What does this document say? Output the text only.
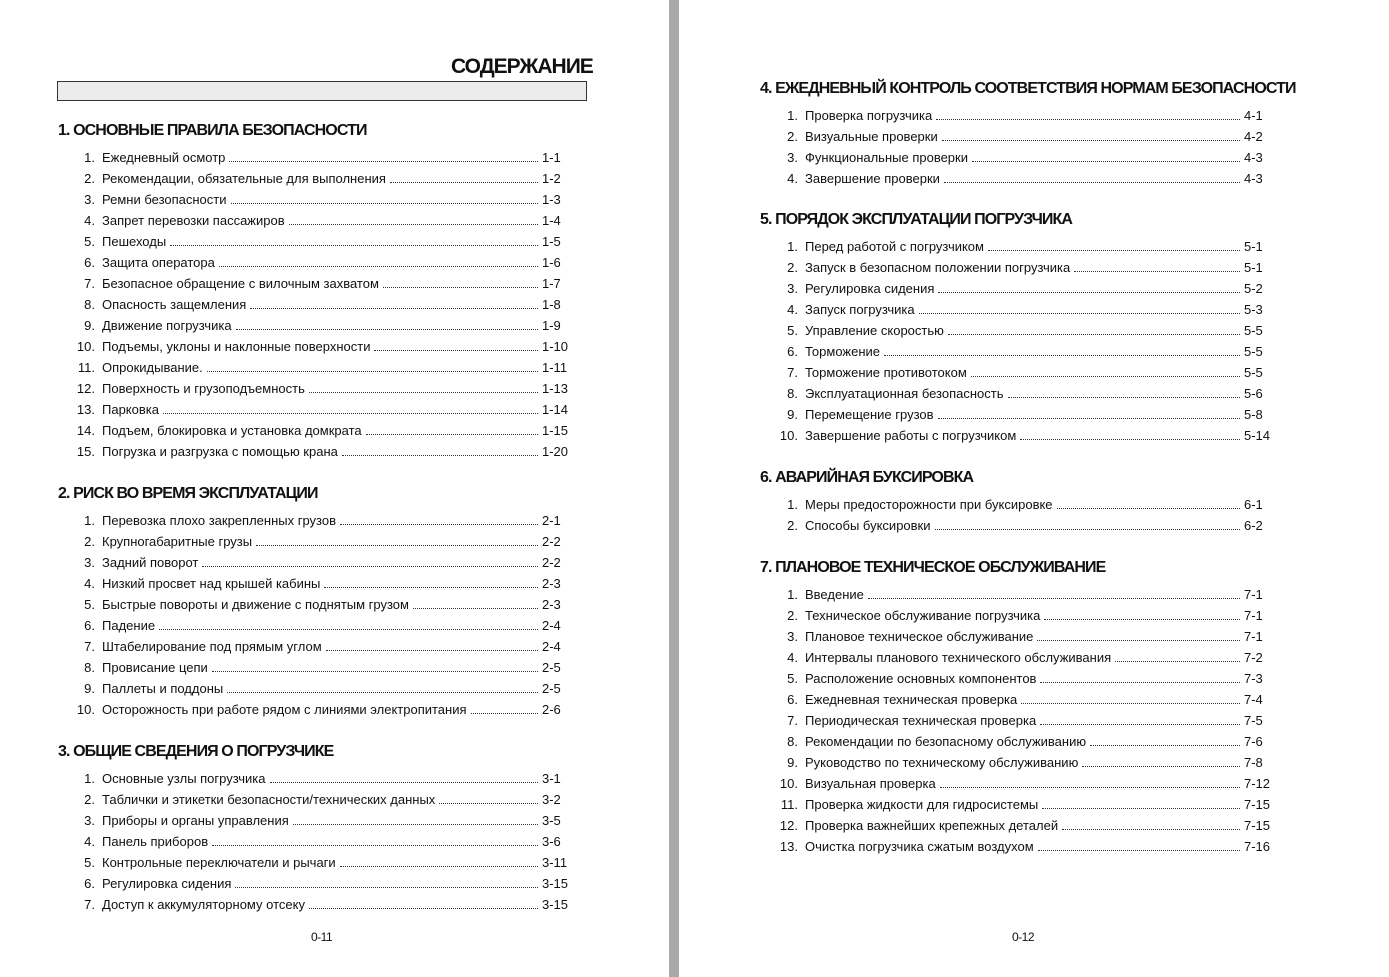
СОДЕРЖАНИЕ
0-11
1. ОСНОВНЫЕ ПРАВИЛА БЕЗОПАСНОСТИ
1. Ежедневный осмотр	1-1
2. Рекомендации, обязательные для выполнения	1-2
3. Ремни безопасности	1-3
4. Запрет перевозки пассажиров	1-4
5. Пешеходы	1-5
6. Защита оператора	1-6
7. Безопасное обращение с вилочным захватом	1-7
8. Опасность защемления	1-8
9. Движение погрузчика	1-9
10. Подъемы, уклоны и наклонные поверхности	1-10
11. Опрокидывание.	1-11
12. Поверхность и грузоподъемность	1-13
13. Парковка	1-14
14. Подъем, блокировка и установка домкрата	1-15
15. Погрузка и разгрузка с помощью крана	1-20
2. РИСК ВО ВРЕМЯ ЭКСПЛУАТАЦИИ
1. Перевозка плохо закрепленных грузов	2-1
2. Крупногабаритные грузы	2-2
3. Задний поворот	2-2
4. Низкий просвет над крышей кабины	2-3
5. Быстрые повороты и движение с поднятым грузом	2-3
6. Падение	2-4
7. Штабелирование под прямым углом	2-4
8. Провисание цепи	2-5
9. Паллеты и поддоны	2-5
10. Осторожность при работе рядом с линиями электропитания	2-6
3. ОБЩИЕ СВЕДЕНИЯ О ПОГРУЗЧИКЕ
1. Основные узлы погрузчика	3-1
2. Таблички и этикетки безопасности/технических данных	3-2
3. Приборы и органы управления	3-5
4. Панель приборов	3-6
5. Контрольные переключатели и рычаги	3-11
6. Регулировка сидения	3-15
7. Доступ к аккумуляторному отсеку	3-15
0-12
4. ЕЖЕДНЕВНЫЙ КОНТРОЛЬ СООТВЕТСТВИЯ НОРМАМ БЕЗОПАСНОСТИ
1. Проверка погрузчика	4-1
2. Визуальные проверки	4-2
3. Функциональные проверки	4-3
4. Завершение проверки	4-3
5. ПОРЯДОК ЭКСПЛУАТАЦИИ ПОГРУЗЧИКА
1. Перед работой с погрузчиком	5-1
2. Запуск в безопасном положении погрузчика	5-1
3. Регулировка сидения	5-2
4. Запуск погрузчика	5-3
5. Управление скоростью	5-5
6. Торможение	5-5
7. Торможение противотоком	5-5
8. Эксплуатационная безопасность	5-6
9. Перемещение грузов	5-8
10. Завершение работы с погрузчиком	5-14
6. АВАРИЙНАЯ БУКСИРОВКА
1. Меры предосторожности при буксировке	6-1
2. Способы буксировки	6-2
7. ПЛАНОВОЕ ТЕХНИЧЕСКОЕ ОБСЛУЖИВАНИЕ
1. Введение	7-1
2. Техническое обслуживание погрузчика	7-1
3. Плановое техническое обслуживание	7-1
4. Интервалы планового технического обслуживания	7-2
5. Расположение основных компонентов	7-3
6. Ежедневная техническая проверка	7-4
7. Периодическая техническая проверка	7-5
8. Рекомендации по безопасному обслуживанию	7-6
9. Руководство по техническому обслуживанию	7-8
10. Визуальная проверка	7-12
11. Проверка жидкости для гидросистемы	7-15
12. Проверка важнейших крепежных деталей	7-15
13. Очистка погрузчика сжатым воздухом	7-16
